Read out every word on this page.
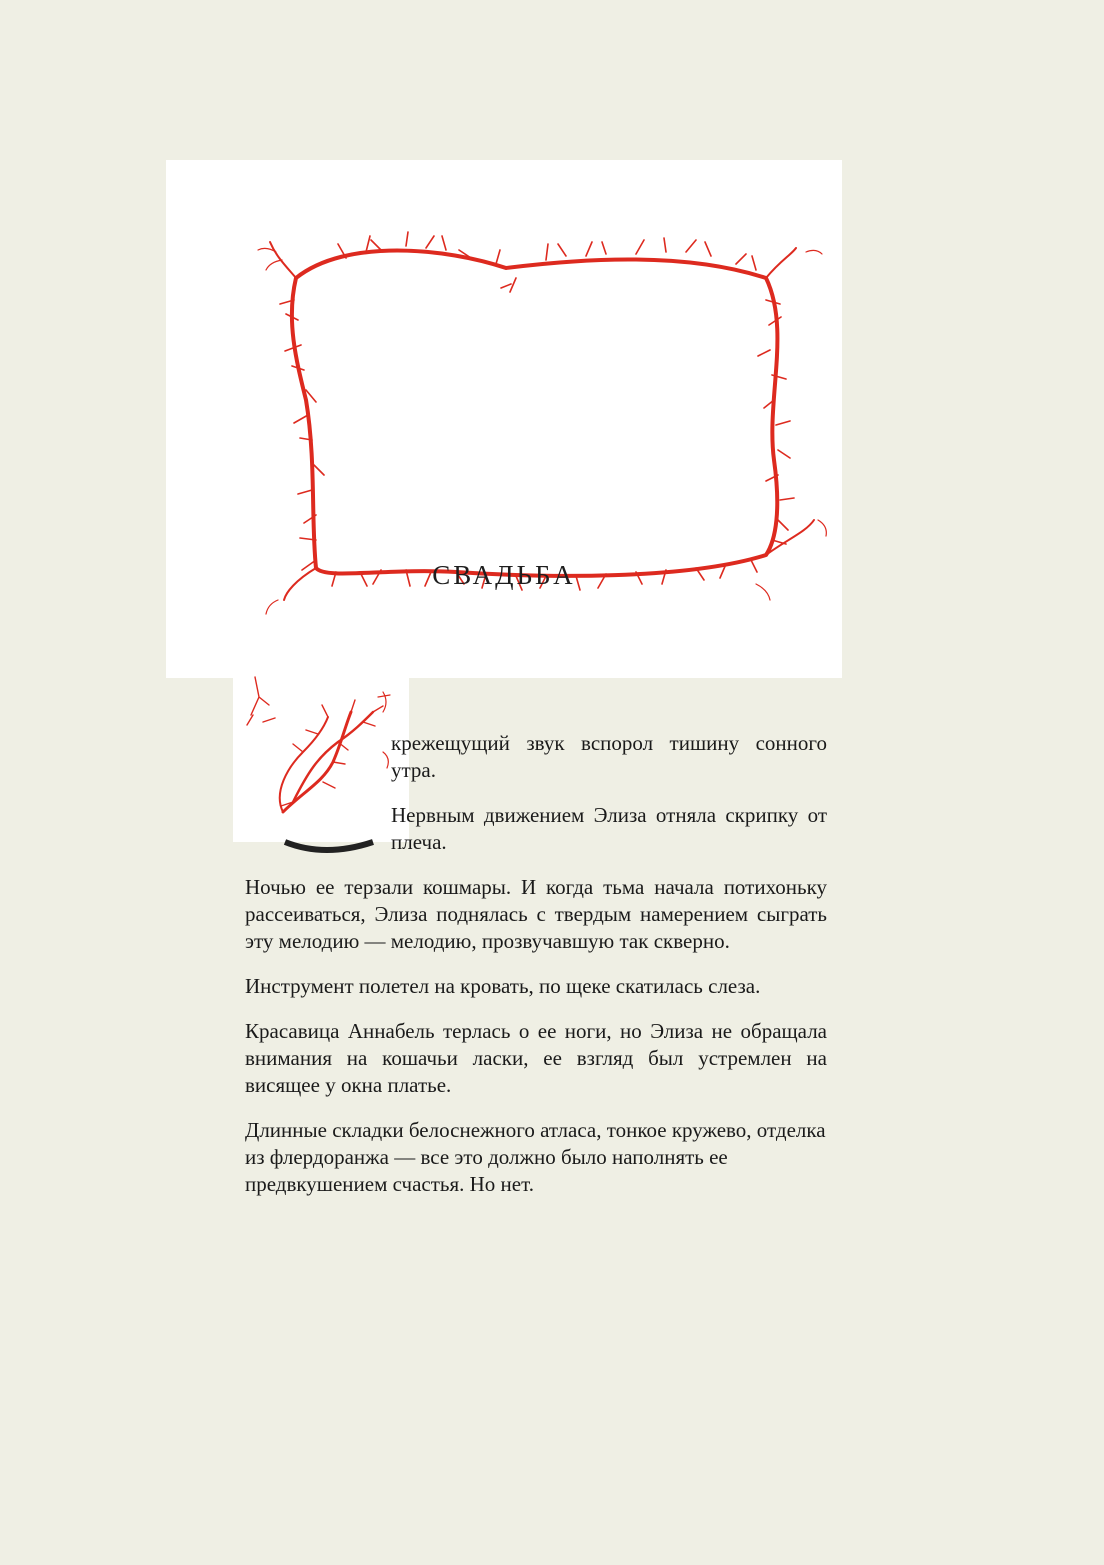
СВАДЬБА

крежещущий звук вспорол тишину сонного утра.

Нервным движением Элиза отняла скрипку от плеча.

Ночью ее терзали кошмары. И когда тьма начала потихоньку рассеиваться, Элиза поднялась с твердым намерением сыграть эту мелодию — мелодию, прозвучавшую так скверно.

Инструмент полетел на кровать, по щеке скатилась слеза.

Красавица Аннабель терлась о ее ноги, но Элиза не обращала внимания на кошачьи ласки, ее взгляд был устремлен на висящее у окна платье.

Длинные складки белоснежного атласа, тонкое кружево, отделка из флердоранжа — все это должно было наполнять ее предвкушением счастья. Но нет.
